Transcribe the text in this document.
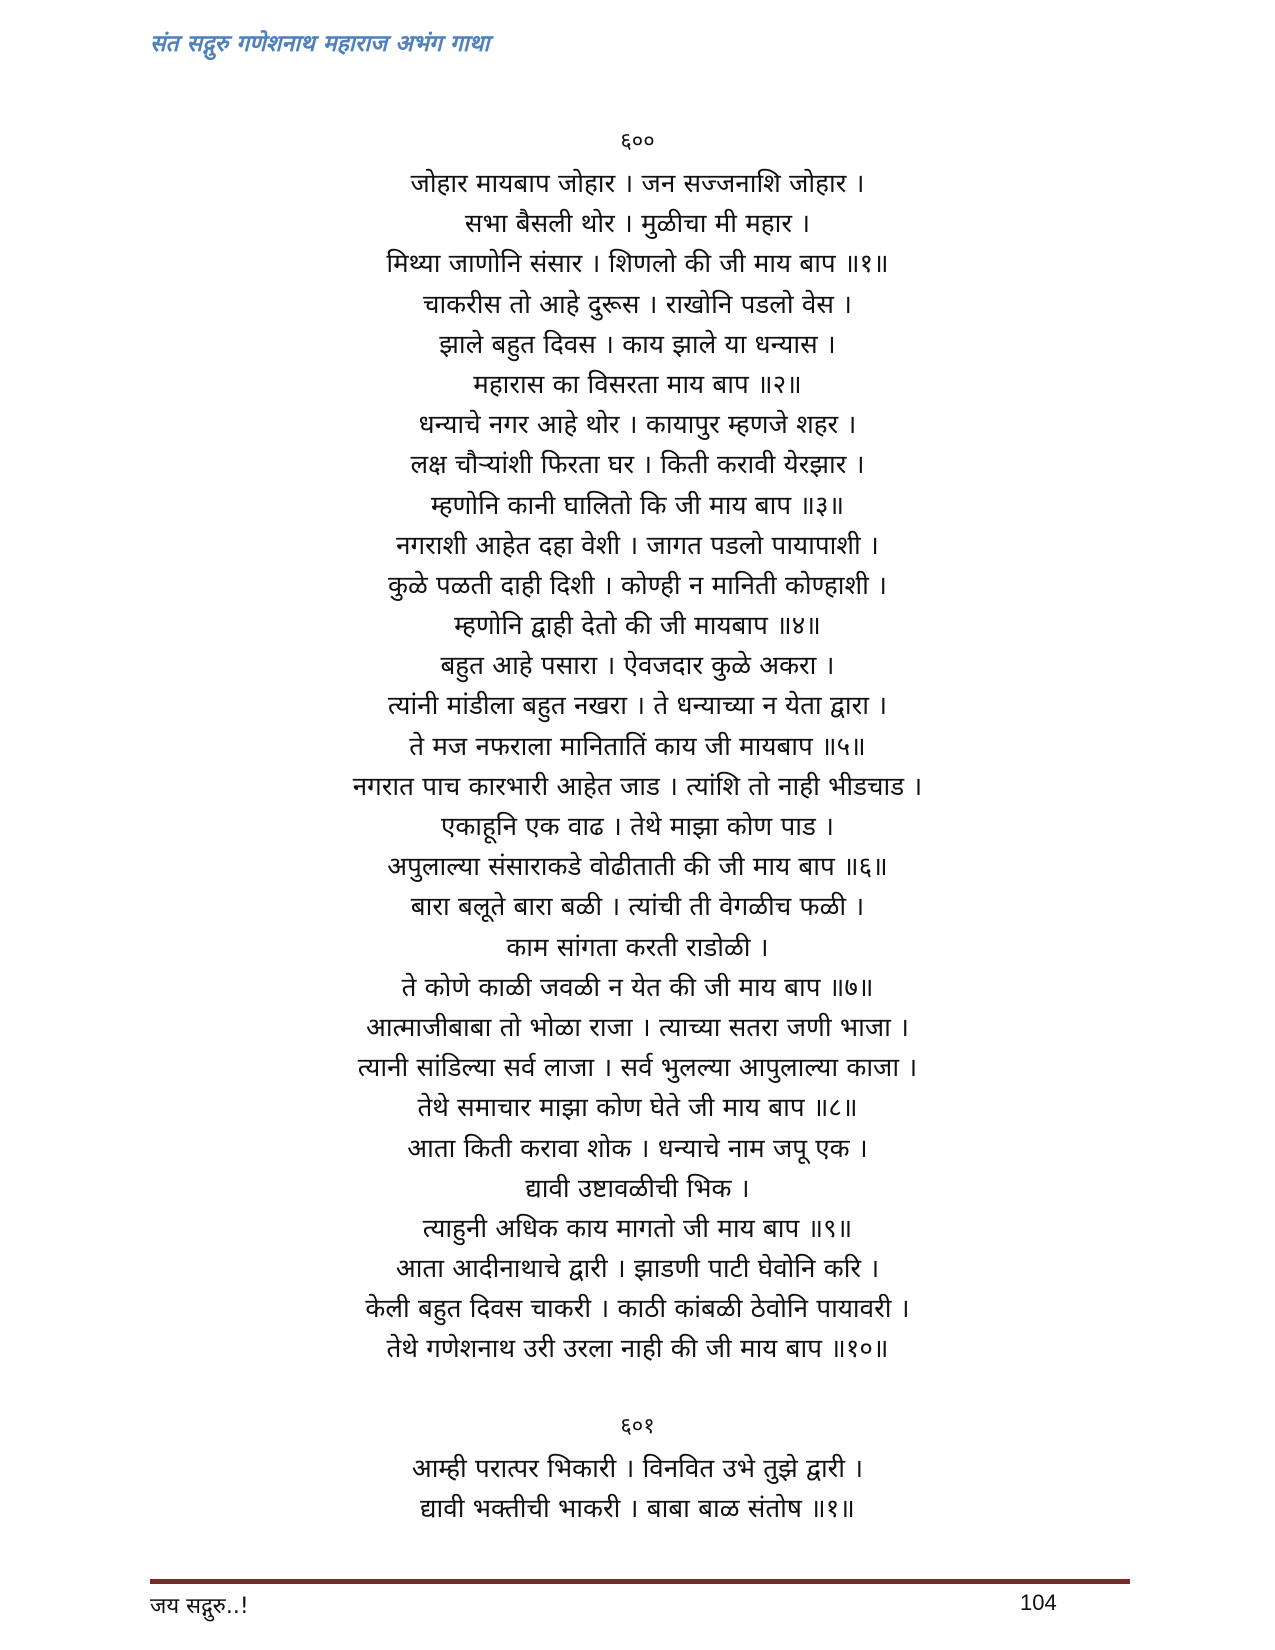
संत सद्गुरु गणेशनाथ महाराज अभंग गाथा
६००
जोहार मायबाप जोहार । जन सज्जनाशि जोहार ।
सभा बैसली थोर । मुळीचा मी महार ।
मिथ्या जाणोनि संसार । शिणलो की जी माय बाप ॥१॥
चाकरीस तो आहे दुरूस । राखोनि पडलो वेस ।
झाले बहुत दिवस । काय झाले या धन्यास ।
महारास का विसरता माय बाप ॥२॥
धन्याचे नगर आहे थोर । कायापुर म्हणजे शहर ।
लक्ष चौऱ्यांशी फिरता घर । किती करावी येरझार ।
म्हणोनि कानी घालितो कि जी माय बाप ॥३॥
नगराशी आहेत दहा वेशी । जागत पडलो पायापाशी ।
कुळे पळती दाही दिशी । कोण्ही न मानिती कोण्हाशी ।
म्हणोनि द्वाही देतो की जी मायबाप ॥४॥
बहुत आहे पसारा । ऐवजदार कुळे अकरा ।
त्यांनी मांडीला बहुत नखरा । ते धन्याच्या न येता द्वारा ।
ते मज नफराला मानितातिं काय जी मायबाप ॥५॥
नगरात पाच कारभारी आहेत जाड । त्यांशि तो नाही भीडचाड ।
एकाहूनि एक वाढ । तेथे माझा कोण पाड ।
अपुलाल्या संसाराकडे वोढीताती की जी माय बाप ॥६॥
बारा बलूते बारा बळी । त्यांची ती वेगळीच फळी ।
काम सांगता करती राडोळी ।
ते कोणे काळी जवळी न येत की जी माय बाप ॥७॥
आत्माजीबाबा तो भोळा राजा । त्याच्या सतरा जणी भाजा ।
त्यानी सांडिल्या सर्व लाजा । सर्व भुलल्या आपुलाल्या काजा ।
तेथे समाचार माझा कोण घेते जी माय बाप ॥८॥
आता किती करावा शोक । धन्याचे नाम जपू एक ।
द्यावी उष्टावळीची भिक ।
त्याहुनी अधिक काय मागतो जी माय बाप ॥९॥
आता आदीनाथाचे द्वारी । झाडणी पाटी घेवोनि करि ।
केली बहुत दिवस चाकरी । काठी कांबळी ठेवोनि पायावरी ।
तेथे गणेशनाथ उरी उरला नाही की जी माय बाप ॥१०॥
६०१
आम्ही परात्पर भिकारी । विनवित उभे तुझे द्वारी ।
द्यावी भक्तीची भाकरी । बाबा बाळ संतोष ॥१॥
जय सद्गुरु..!	104
